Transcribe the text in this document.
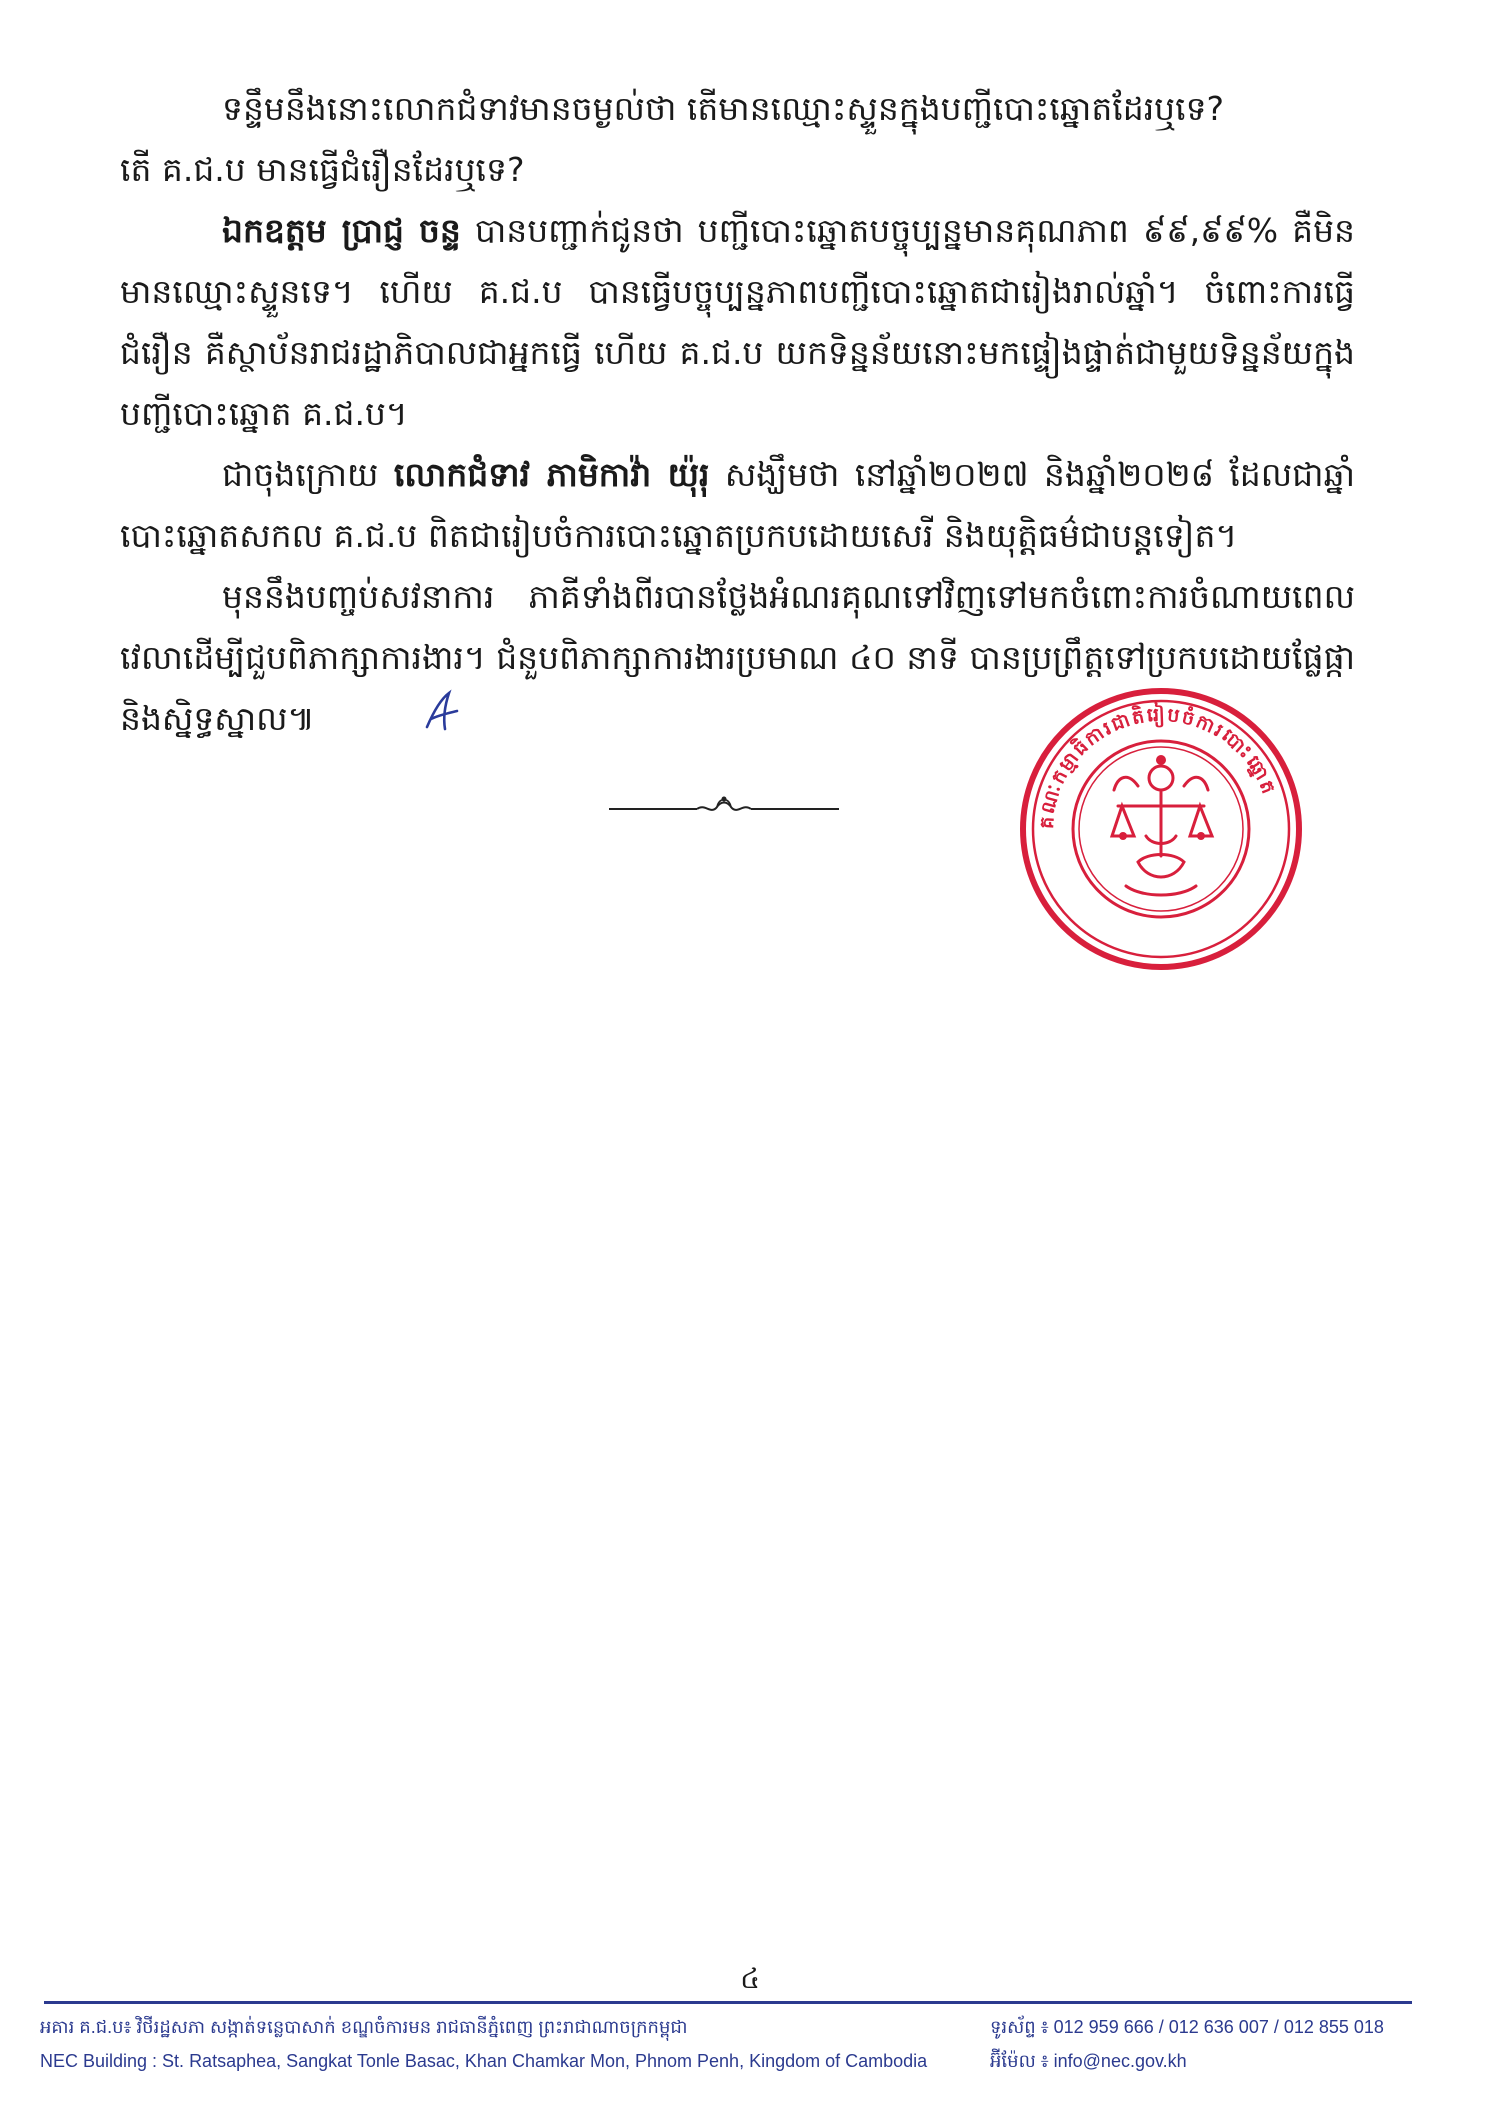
ទន្ទឹមនឹងនោះលោកជំទាវមានចម្ងល់ថា តើមានឈ្មោះស្ទួនក្នុងបញ្ជីបោះឆ្នោតដែរឬទេ?

តើ គ.ជ.ប មានធ្វើជំរឿនដែរឬទេ?

ឯកឧត្តម ប្រាជ្ញ ចន្ទ បានបញ្ជាក់ជូនថា បញ្ជីបោះឆ្នោតបច្ចុប្បន្នមានគុណភាព ៩៩,៩៩% គឺមិនមានឈ្មោះស្ទួនទេ។ ហើយ គ.ជ.ប បានធ្វើបច្ចុប្បន្នភាពបញ្ជីបោះឆ្នោតជារៀងរាល់ឆ្នាំ។ ចំពោះការធ្វើជំរឿន គឺស្ថាប័នរាជរដ្ឋាភិបាលជាអ្នកធ្វើ ហើយ គ.ជ.ប យកទិន្នន័យនោះមកផ្ទៀងផ្ទាត់ជាមួយទិន្នន័យក្នុងបញ្ជីបោះឆ្នោត គ.ជ.ប។

ជាចុងក្រោយ លោកជំទាវ ភាមិកាវ៉ា យ៉ុរុ សង្ឃឹមថា នៅឆ្នាំ២០២៧ និងឆ្នាំ២០២៨ ដែលជាឆ្នាំបោះឆ្នោតសកល គ.ជ.ប ពិតជារៀបចំការបោះឆ្នោតប្រកបដោយសេរី និងយុត្តិធម៌ជាបន្តទៀត។

មុននឹងបញ្ចប់សវនាការ ភាគីទាំងពីរបានថ្លែងអំណរគុណទៅវិញទៅមកចំពោះការចំណាយពេលវេលាដើម្បីជួបពិភាក្សាការងារ។ ជំនួបពិភាក្សាការងារប្រមាណ ៤០ នាទី បានប្រព្រឹត្តទៅប្រកបដោយផ្លែផ្កា និងស្និទ្ធស្នាល៕

គណៈកម្មាធិការជាតិរៀបចំការបោះឆ្នោត
៤
អគារ គ.ជ.ប៖ វិថីរដ្ឋសភា សង្កាត់ទន្លេបាសាក់ ខណ្ឌចំការមន រាជធានីភ្នំពេញ ព្រះរាជាណាចក្រកម្ពុជា
NEC Building : St. Ratsaphea, Sangkat Tonle Basac, Khan Chamkar Mon, Phnom Penh, Kingdom of Cambodia
ទូរស័ព្ទ ៖ 012 959 666 / 012 636 007 / 012 855 018
អ៊ីម៉ែល ៖ info@nec.gov.kh
